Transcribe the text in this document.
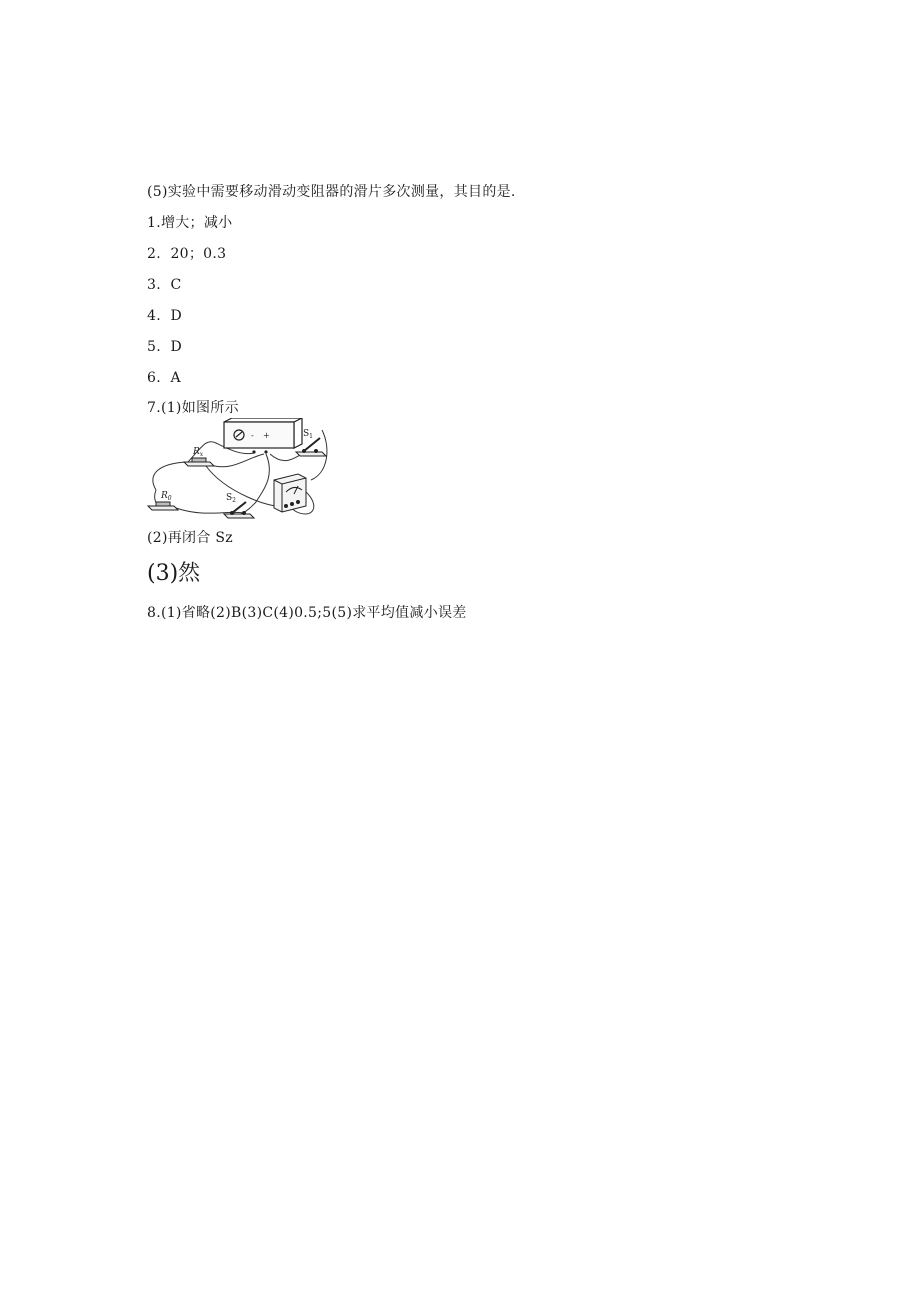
(5)实验中需要移动滑动变阻器的滑片多次测量，其目的是.
1.增大；减小
2.  20；0.3
3.  C
4.  D
5.  D
6.  A
7.(1)如图所示
- +
$R_x$
$R_0$
$S_1$
$S_2$
(2)再闭合 Sz
(3)然
8.(1)省略(2)B(3)C(4)0.5;5(5)求平均值减小误差
